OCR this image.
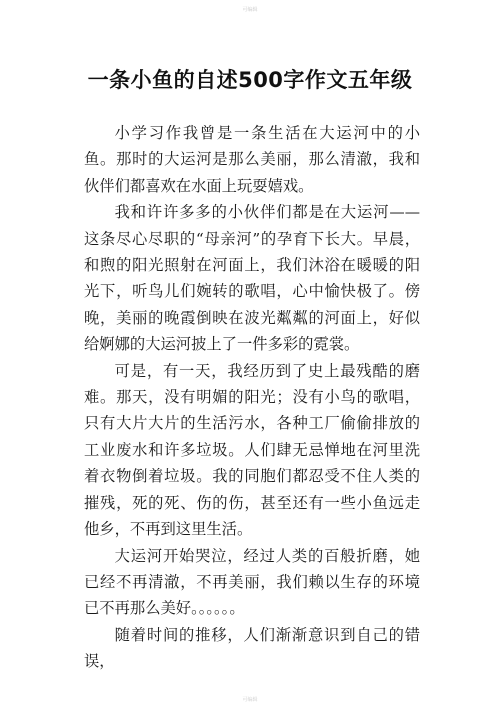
可编辑
一条小鱼的自述500字作文五年级

小学习作我曾是一条生活在大运河中的小鱼。那时的大运河是那么美丽，那么清澈，我和伙伴们都喜欢在水面上玩耍嬉戏。

我和许许多多的小伙伴们都是在大运河——这条尽心尽职的“母亲河”的孕育下长大。早晨，和煦的阳光照射在河面上，我们沐浴在暖暖的阳光下，听鸟儿们婉转的歌唱，心中愉快极了。傍晚，美丽的晚霞倒映在波光粼粼的河面上，好似给婀娜的大运河披上了一件多彩的霓裳。

可是，有一天，我经历到了史上最残酷的磨难。那天，没有明媚的阳光；没有小鸟的歌唱，只有大片大片的生活污水，各种工厂偷偷排放的工业废水和许多垃圾。人们肆无忌惮地在河里洗着衣物倒着垃圾。我的同胞们都忍受不住人类的摧残，死的死、伤的伤，甚至还有一些小鱼远走他乡，不再到这里生活。

大运河开始哭泣，经过人类的百般折磨，她已经不再清澈，不再美丽，我们赖以生存的环境已不再那么美好。。。。。。

随着时间的推移，人们渐渐意识到自己的错误，

可编辑
